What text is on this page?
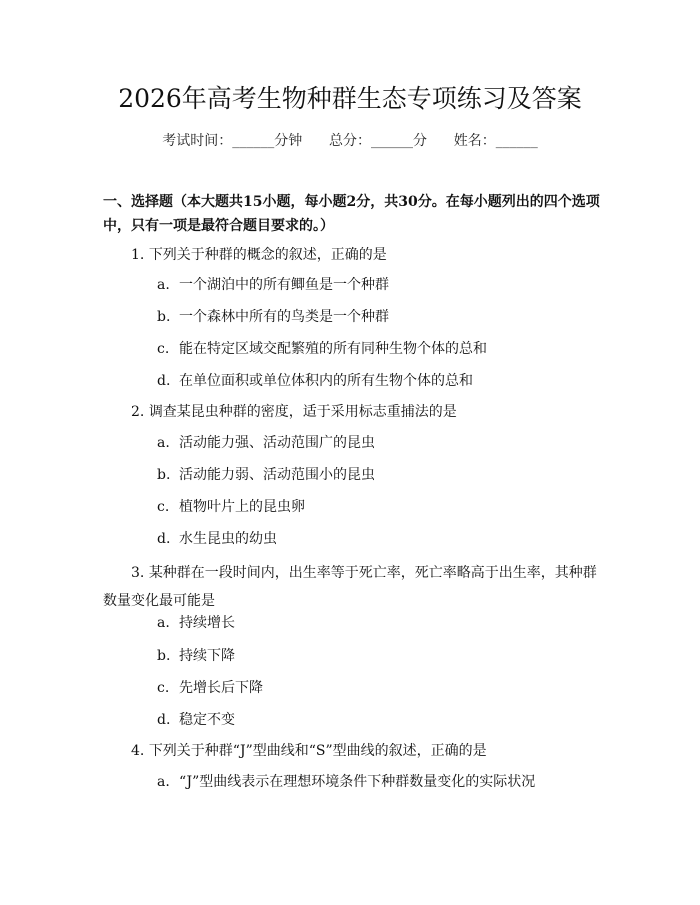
2026年高考生物种群生态专项练习及答案
考试时间：______分钟      总分：______分      姓名：______
一、选择题（本大题共15小题，每小题2分，共30分。在每小题列出的四个选项中，只有一项是最符合题目要求的。）
1. 下列关于种群的概念的叙述，正确的是
a. 一个湖泊中的所有鲫鱼是一个种群
b. 一个森林中所有的鸟类是一个种群
c. 能在特定区域交配繁殖的所有同种生物个体的总和
d. 在单位面积或单位体积内的所有生物个体的总和
2. 调查某昆虫种群的密度，适于采用标志重捕法的是
a. 活动能力强、活动范围广的昆虫
b. 活动能力弱、活动范围小的昆虫
c. 植物叶片上的昆虫卵
d. 水生昆虫的幼虫
3. 某种群在一段时间内，出生率等于死亡率，死亡率略高于出生率，其种群数量变化最可能是
a. 持续增长
b. 持续下降
c. 先增长后下降
d. 稳定不变
4. 下列关于种群“J”型曲线和“S”型曲线的叙述，正确的是
a. “J”型曲线表示在理想环境条件下种群数量变化的实际状况
